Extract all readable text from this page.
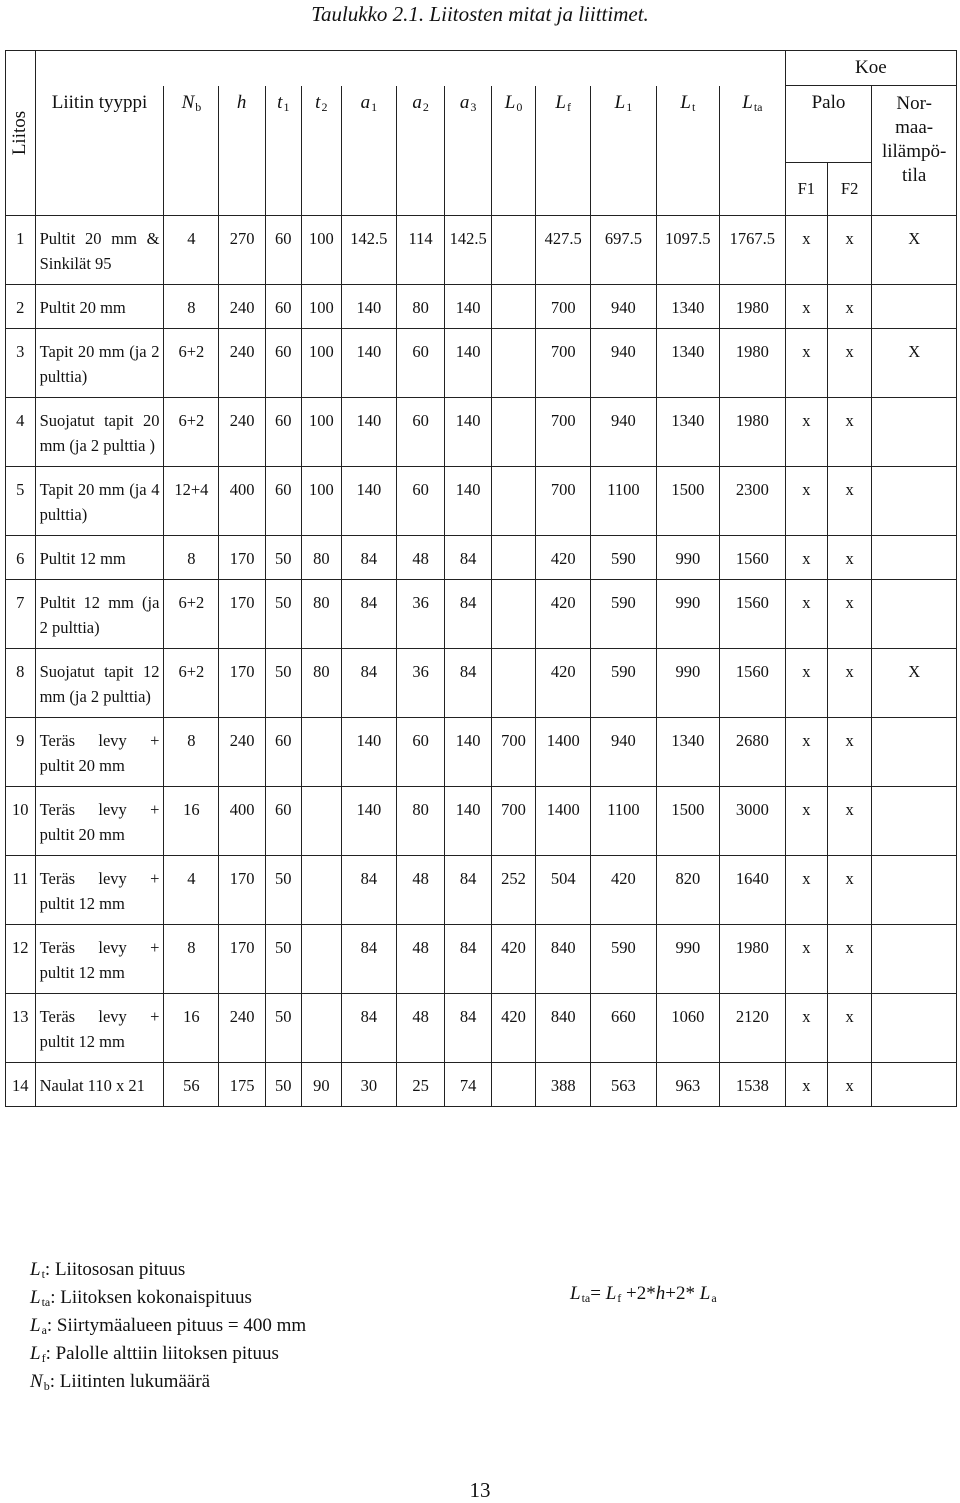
Taulukko 2.1. Liitosten mitat ja liittimet.
Liitos														Koe		
	Liitin tyyppi	$N_b$	h	$t_1$	$t_2$	$a_1$	$a_2$	$a_3$	$L_0$	$L_f$	$L_1$	$L_t$	$L_{ta}$	Palo		Nor-
maa-
lilämpö-
tila

														F1	F2	
1	Pultit 20 mm & Sinkilät 95	4	270	60	100	142.5	114	142.5		427.5	697.5	1097.5	1767.5	x	x	X
2	Pultit 20 mm	8	240	60	100	140	80	140		700	940	1340	1980	x	x	
3	Tapit 20 mm (ja 2 pulttia)	6+2	240	60	100	140	60	140		700	940	1340	1980	x	x	X
4	Suojatut tapit 20 mm (ja 2 pulttia )	6+2	240	60	100	140	60	140		700	940	1340	1980	x	x	
5	Tapit 20 mm (ja 4 pulttia)	12+4	400	60	100	140	60	140		700	1100	1500	2300	x	x	
6	Pultit 12 mm	8	170	50	80	84	48	84		420	590	990	1560	x	x	
7	Pultit 12 mm (ja 2 pulttia)	6+2	170	50	80	84	36	84		420	590	990	1560	x	x	
8	Suojatut tapit 12 mm (ja 2 pulttia)	6+2	170	50	80	84	36	84		420	590	990	1560	x	x	X
9	Teräs levy + pultit 20 mm	8	240	60		140	60	140	700	1400	940	1340	2680	x	x	
10	Teräs levy + pultit 20 mm	16	400	60		140	80	140	700	1400	1100	1500	3000	x	x	
11	Teräs levy + pultit 12 mm	4	170	50		84	48	84	252	504	420	820	1640	x	x	
12	Teräs levy + pultit 12 mm	8	170	50		84	48	84	420	840	590	990	1980	x	x	
13	Teräs levy + pultit 12 mm	16	240	50		84	48	84	420	840	660	1060	2120	x	x	
14	Naulat 110 x 21	56	175	50	90	30	25	74		388	563	963	1538	x	x	
$L_t$: Liitososan pituus
$L_{ta}$: Liitoksen kokonaispituus
$L_a$: Siirtymäalueen pituus = 400 mm
$L_f$: Palolle alttiin liitoksen pituus
$N_b$: Liitinten lukumäärä
$L_{ta}= L_f +2*h+2*$ $L_a$
13
